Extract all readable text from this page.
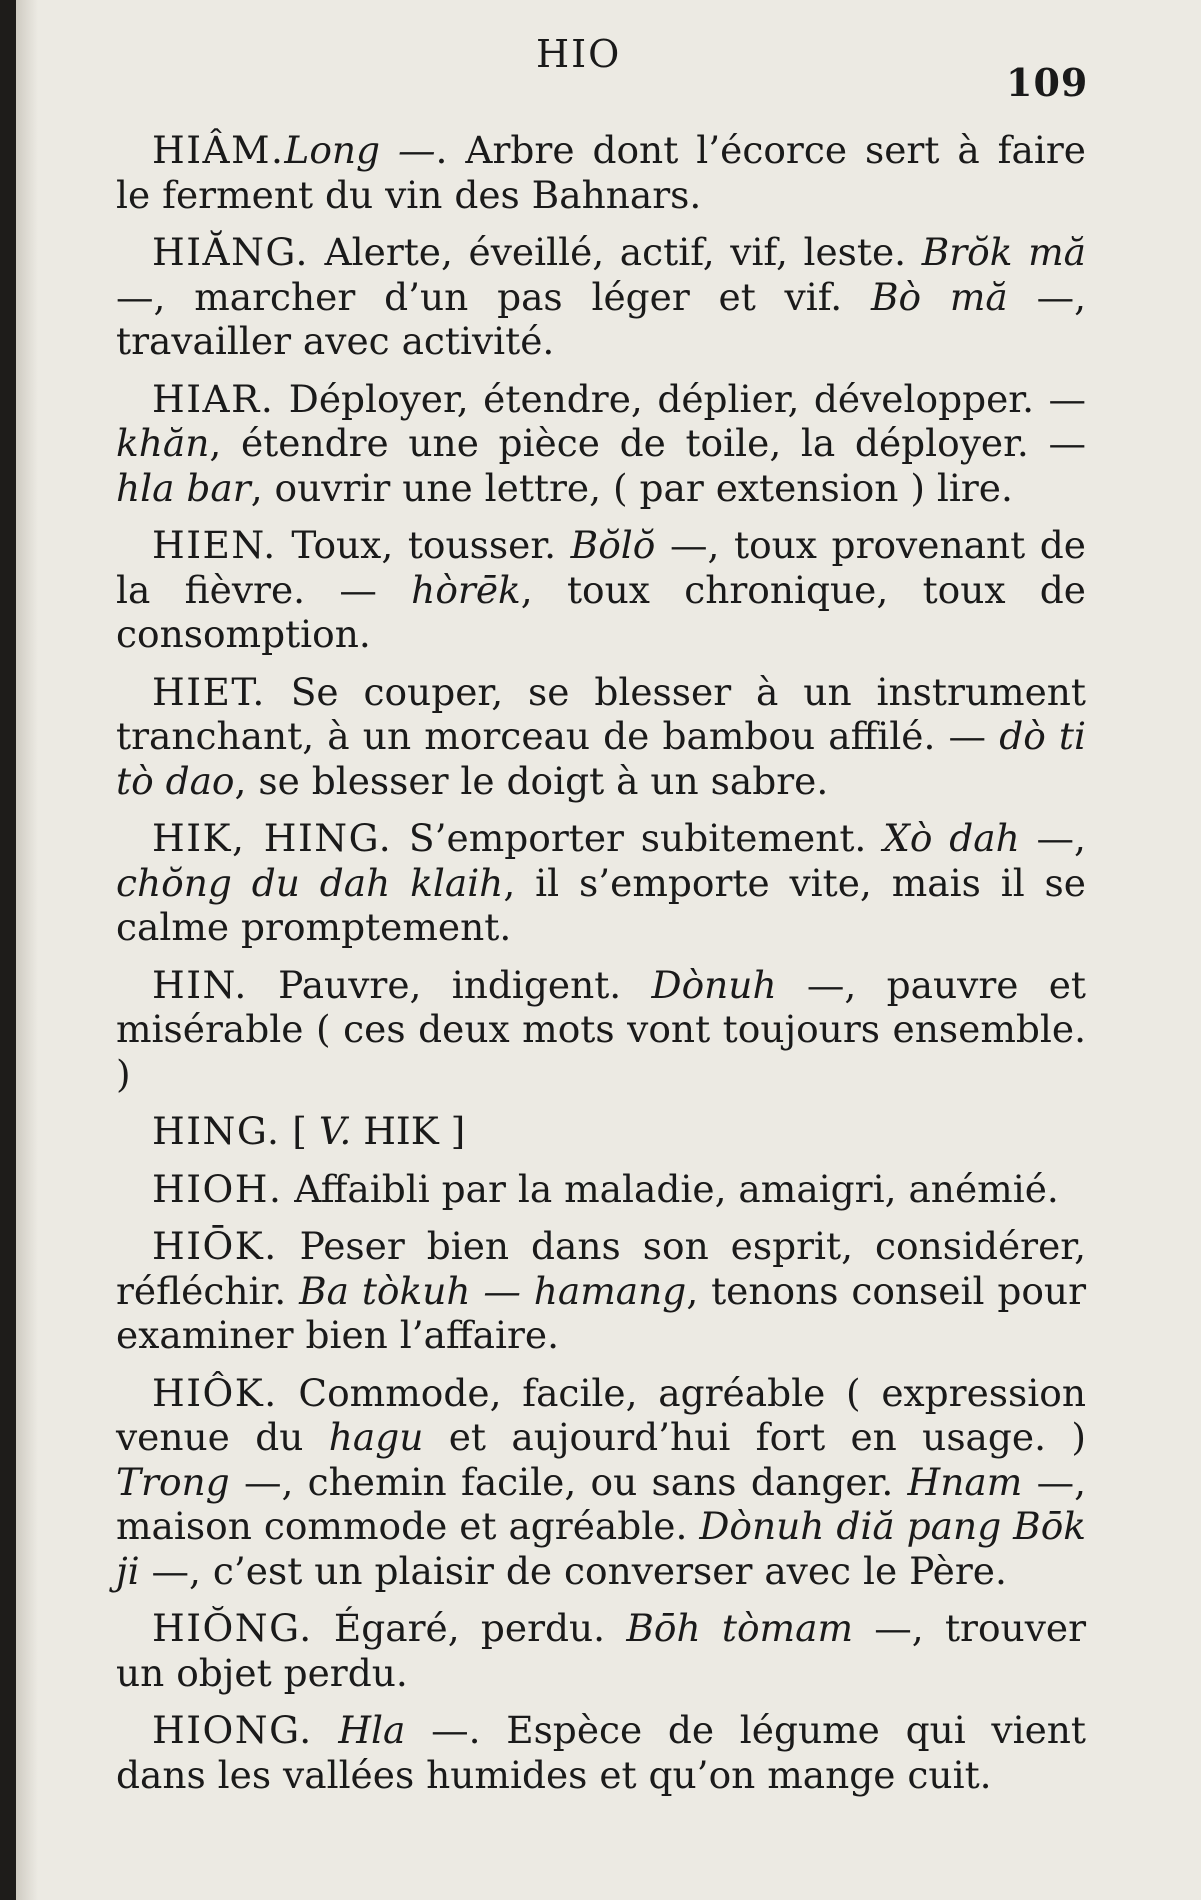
HIO
109

HIÂM.Long —. Arbre dont l’écorce sert à faire le ferment du vin des Bahnars.

HIĂNG. Alerte, éveillé, actif, vif, leste. Brŏk mă —, marcher d’un pas léger et vif. Bò mă —, travailler avec activité.

HIAR. Déployer, étendre, déplier, développer. — khăn, étendre une pièce de toile, la déployer. — hla bar, ouvrir une lettre, ( par extension ) lire.

HIEN. Toux, tousser. Bŏlŏ —, toux provenant de la fièvre. — hòrēk, toux chronique, toux de consomption.

HIET. Se couper, se blesser à un instrument tranchant, à un morceau de bambou affilé. — dò ti tò dao, se blesser le doigt à un sabre.

HIK, HING. S’emporter subitement. Xò dah —, chŏng du dah klaih, il s’emporte vite, mais il se calme promptement.

HIN. Pauvre, indigent. Dònuh —, pauvre et misérable ( ces deux mots vont toujours ensemble. )

HING. [ V. HIK ]

HIOH. Affaibli par la maladie, amaigri, anémié.

HIŌK. Peser bien dans son esprit, considérer, réfléchir. Ba tòkuh — hamang, tenons conseil pour examiner bien l’affaire.

HIÔK. Commode, facile, agréable ( expression venue du hagu et aujourd’hui fort en usage. ) Trong —, chemin facile, ou sans danger. Hnam —, maison commode et agréable. Dònuh diă pang Bōk ji —, c’est un plaisir de converser avec le Père.

HIŎNG. Égaré, perdu. Bōh tòmam —, trouver un objet perdu.

HIONG. Hla —. Espèce de légume qui vient dans les vallées humides et qu’on mange cuit.
